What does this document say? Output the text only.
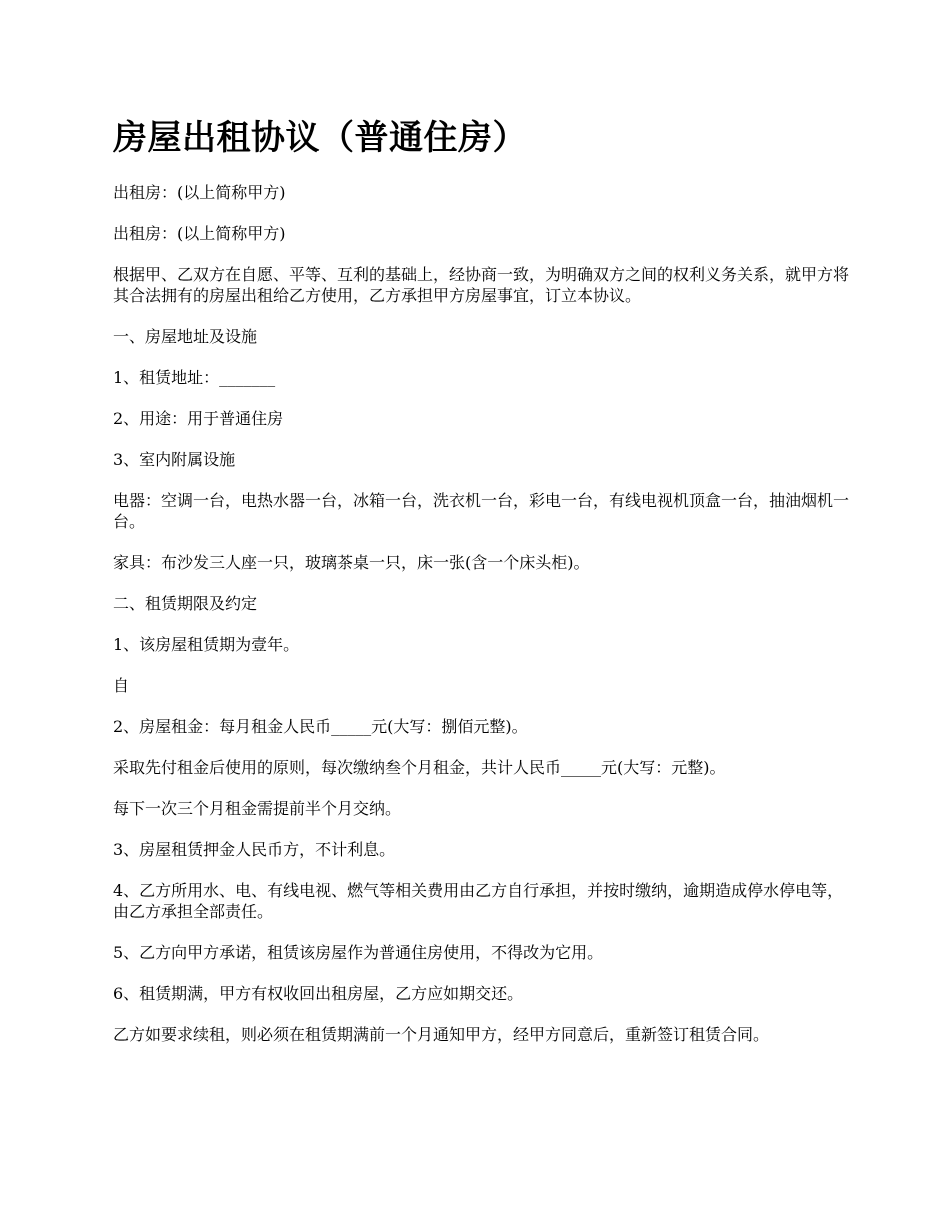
房屋出租协议（普通住房）

出租房：(以上简称甲方)

出租房：(以上简称甲方)

根据甲、乙双方在自愿、平等、互利的基础上，经协商一致，为明确双方之间的权利义务关系，就甲方将其合法拥有的房屋出租给乙方使用，乙方承担甲方房屋事宜，订立本协议。

一、房屋地址及设施

1、租赁地址：_______

2、用途：用于普通住房

3、室内附属设施

电器：空调一台，电热水器一台，冰箱一台，洗衣机一台，彩电一台，有线电视机顶盒一台，抽油烟机一台。

家具：布沙发三人座一只，玻璃茶桌一只，床一张(含一个床头柜)。

二、租赁期限及约定

1、该房屋租赁期为壹年。

自

2、房屋租金：每月租金人民币_____元(大写：捌佰元整)。

采取先付租金后使用的原则，每次缴纳叁个月租金，共计人民币_____元(大写：元整)。

每下一次三个月租金需提前半个月交纳。

3、房屋租赁押金人民币方，不计利息。

4、乙方所用水、电、有线电视、燃气等相关费用由乙方自行承担，并按时缴纳，逾期造成停水停电等，由乙方承担全部责任。

5、乙方向甲方承诺，租赁该房屋作为普通住房使用，不得改为它用。

6、租赁期满，甲方有权收回出租房屋，乙方应如期交还。

乙方如要求续租，则必须在租赁期满前一个月通知甲方，经甲方同意后，重新签订租赁合同。
